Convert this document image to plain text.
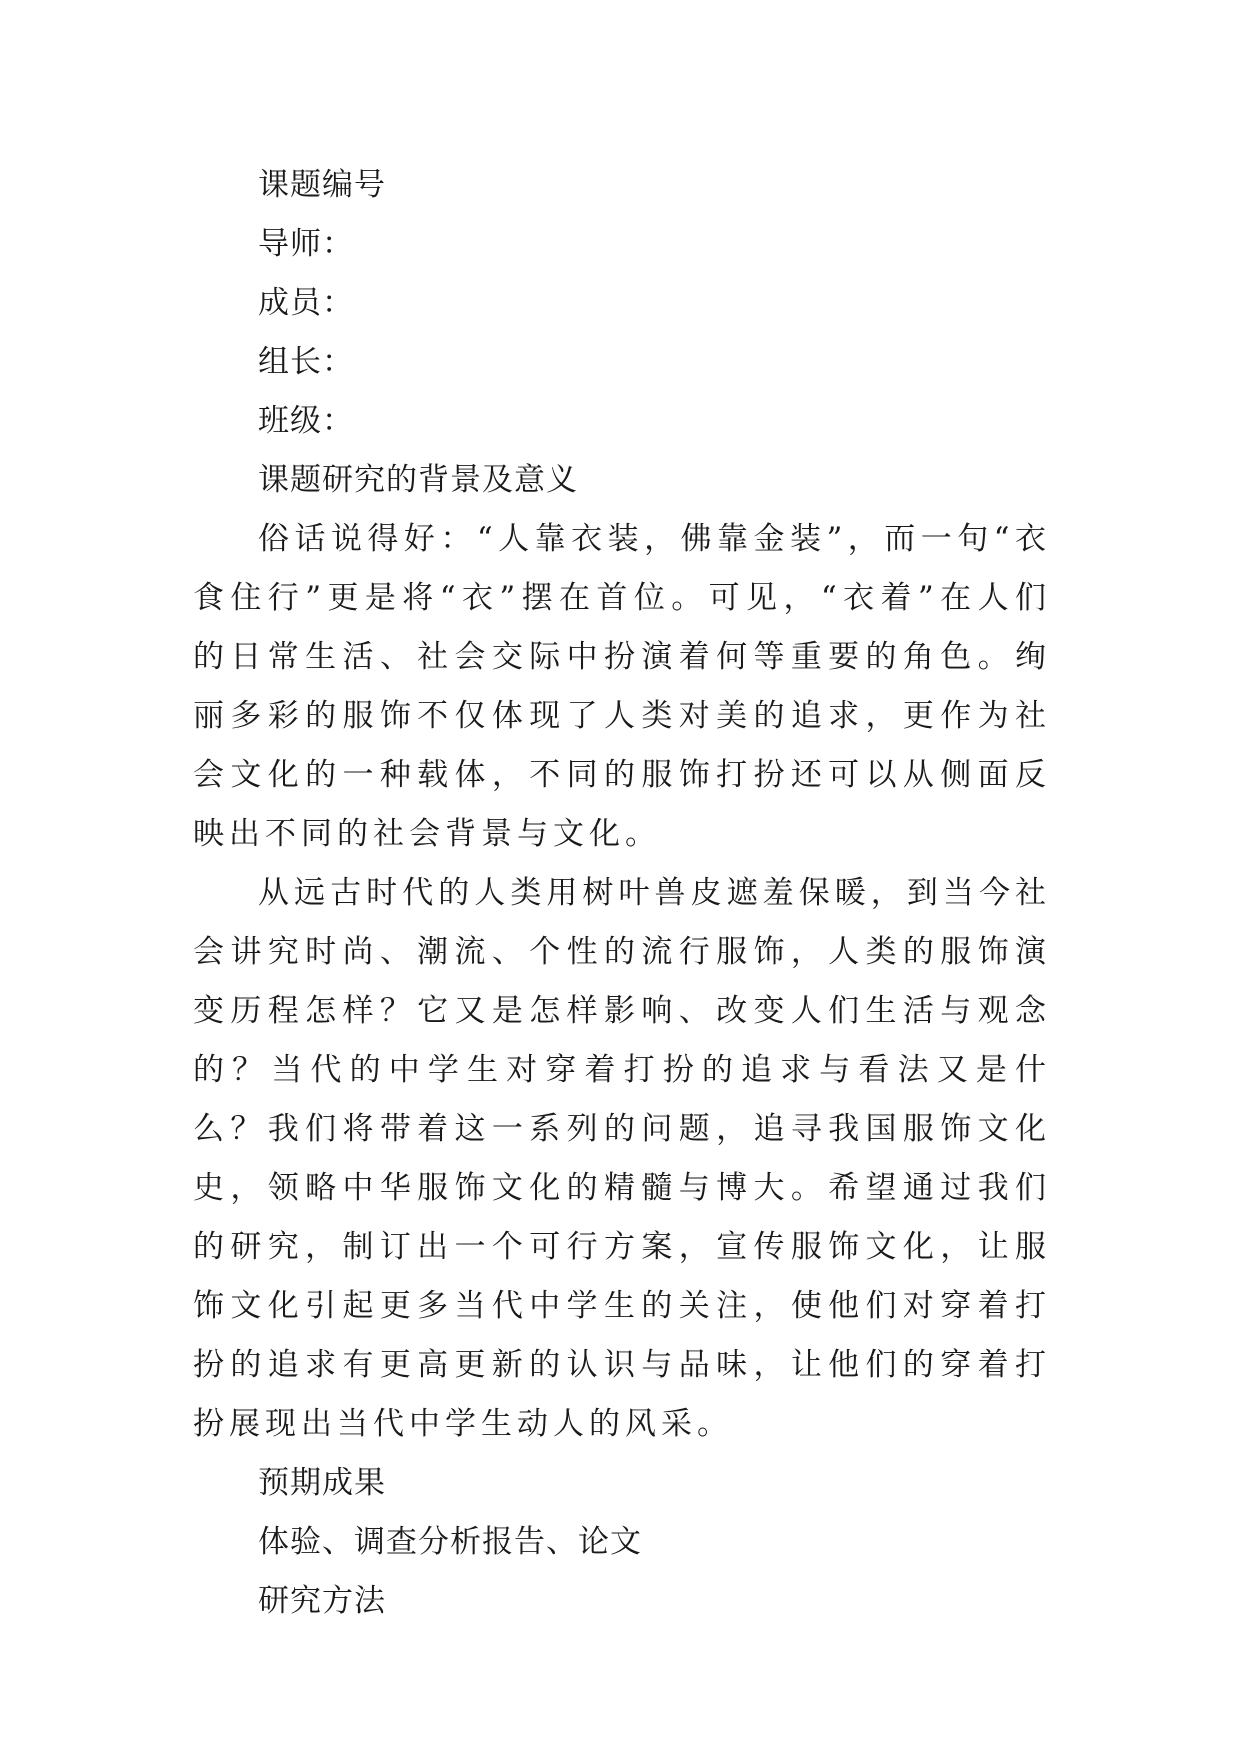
课题编号
导师：
成员：
组长：
班级：
课题研究的背景及意义

俗话说得好：“人靠衣装，佛靠金装”，而一句“衣食住行”更是将“衣”摆在首位。可见，“衣着”在人们的日常生活、社会交际中扮演着何等重要的角色。绚丽多彩的服饰不仅体现了人类对美的追求，更作为社会文化的一种载体，不同的服饰打扮还可以从侧面反映出不同的社会背景与文化。

从远古时代的人类用树叶兽皮遮羞保暖，到当今社会讲究时尚、潮流、个性的流行服饰，人类的服饰演变历程怎样？它又是怎样影响、改变人们生活与观念的？当代的中学生对穿着打扮的追求与看法又是什么？我们将带着这一系列的问题，追寻我国服饰文化史，领略中华服饰文化的精髓与博大。希望通过我们的研究，制订出一个可行方案，宣传服饰文化，让服饰文化引起更多当代中学生的关注，使他们对穿着打扮的追求有更高更新的认识与品味，让他们的穿着打扮展现出当代中学生动人的风采。

预期成果
体验、调查分析报告、论文
研究方法
